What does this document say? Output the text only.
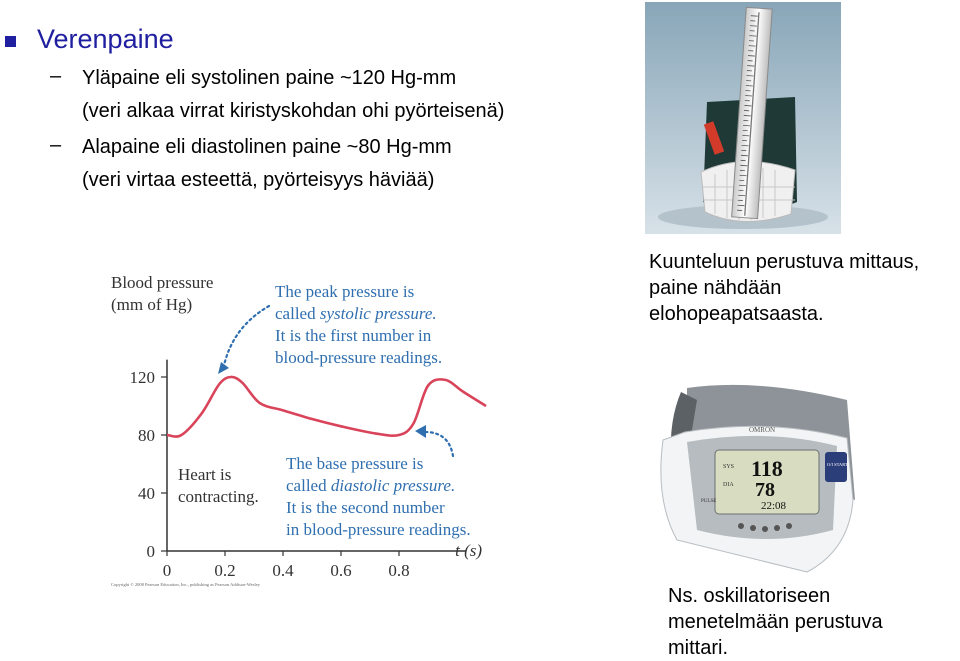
Verenpaine
– Yläpaine eli systolinen paine ~120 Hg-mm
(veri alkaa virrat kiristyskohdan ohi pyörteisenä)
– Alapaine eli diastolinen paine ~80 Hg-mm
(veri virtaa esteettä, pyörteisyys häviää)
Blood pressure
(mm of Hg)
0
40
80
120
0	0.2 0.4 0.6 0.8
t (s)
The peak pressure is
called systolic pressure.
It is the first number in
blood-pressure readings.
The base pressure is
called diastolic pressure.
It is the second number
in blood-pressure readings.
Heart is
contracting.
Copyright © 2008 Pearson Education, Inc., publishing as Pearson Addison-Wesley
Kuunteluun perustuva mittaus,
paine nähdään
elohopeapatsaasta.
OMRON
SYS
DIA
PULSE
118
78
22:08
O/I START
Ns. oskillatoriseen
menetelmään perustuva
mittari.
